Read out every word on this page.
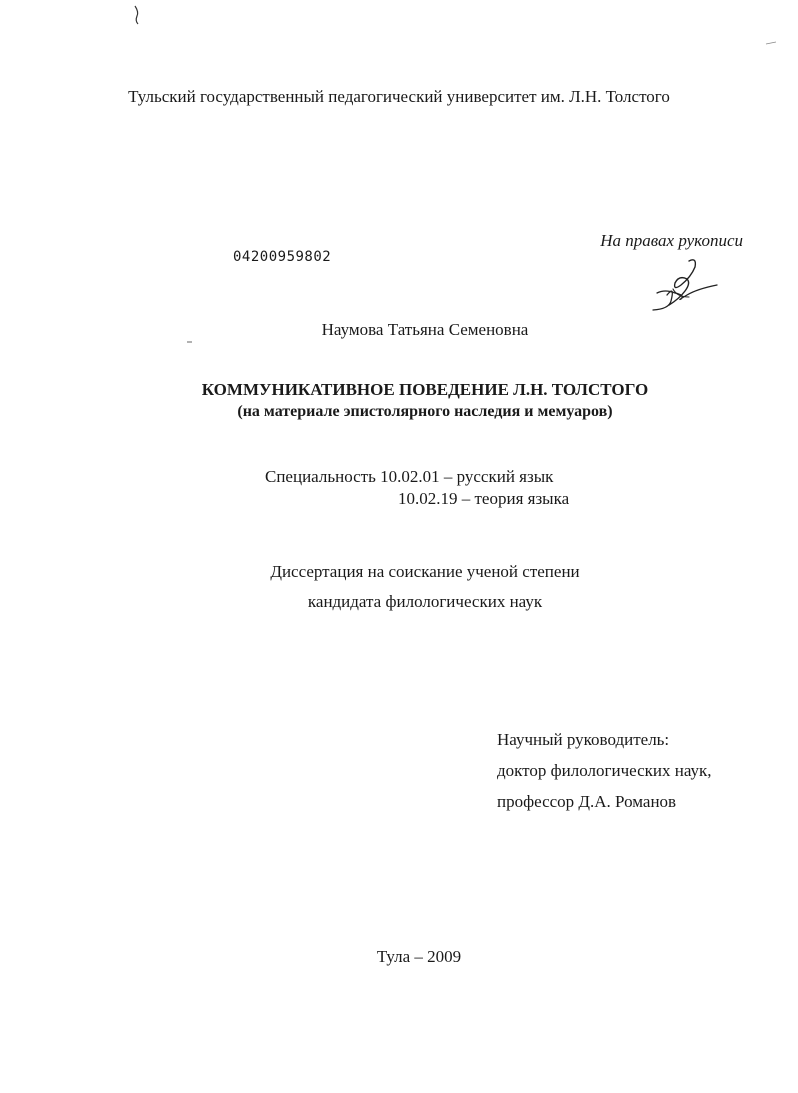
Тульский государственный педагогический университет им. Л.Н. Толстого
04200959802
На правах рукописи
Наумова Татьяна Семеновна
КОММУНИКАТИВНОЕ ПОВЕДЕНИЕ Л.Н. ТОЛСТОГО
(на материале эпистолярного наследия и мемуаров)
Специальность 10.02.01 – русский язык
10.02.19 – теория языка
Диссертация на соискание ученой степени
кандидата филологических наук
Научный руководитель:
доктор филологических наук,
профессор Д.А. Романов
Тула – 2009
